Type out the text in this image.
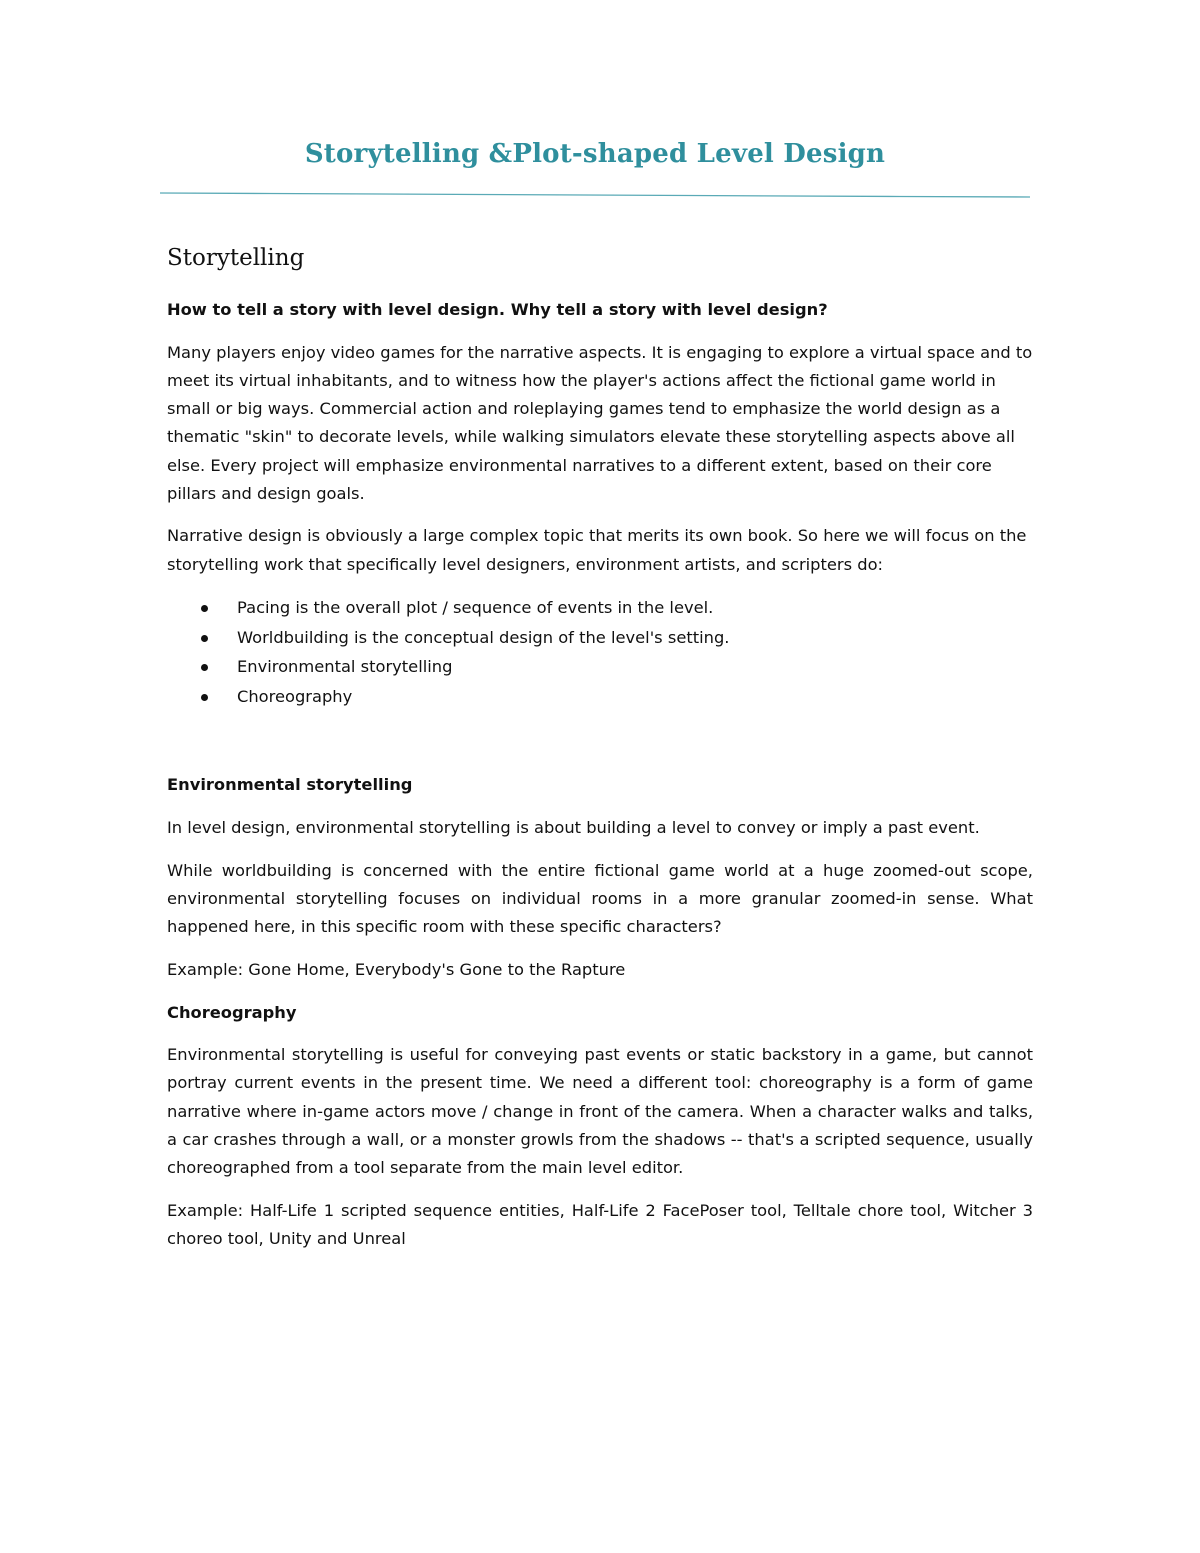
Storytelling &Plot-shaped Level Design
Storytelling

How to tell a story with level design. Why tell a story with level design?

Many players enjoy video games for the narrative aspects. It is engaging to explore a virtual space and to meet its virtual inhabitants, and to witness how the player's actions affect the fictional game world in small or big ways. Commercial action and roleplaying games tend to emphasize the world design as a thematic "skin" to decorate levels, while walking simulators elevate these storytelling aspects above all else. Every project will emphasize environmental narratives to a different extent, based on their core pillars and design goals.

Narrative design is obviously a large complex topic that merits its own book. So here we will focus on the storytelling work that specifically level designers, environment artists, and scripters do:

Pacing is the overall plot / sequence of events in the level.
Worldbuilding is the conceptual design of the level's setting.
Environmental storytelling
Choreography

Environmental storytelling

In level design, environmental storytelling is about building a level to convey or imply a past event.

While worldbuilding is concerned with the entire fictional game world at a huge zoomed-out scope, environmental storytelling focuses on individual rooms in a more granular zoomed-in sense. What happened here, in this specific room with these specific characters?

Example: Gone Home, Everybody's Gone to the Rapture

Choreography

Environmental storytelling is useful for conveying past events or static backstory in a game, but cannot portray current events in the present time. We need a different tool: choreography is a form of game narrative where in-game actors move / change in front of the camera. When a character walks and talks, a car crashes through a wall, or a monster growls from the shadows -- that's a scripted sequence, usually choreographed from a tool separate from the main level editor.

Example: Half-Life 1 scripted sequence entities, Half-Life 2 FacePoser tool, Telltale chore tool, Witcher 3 choreo tool, Unity and Unreal
